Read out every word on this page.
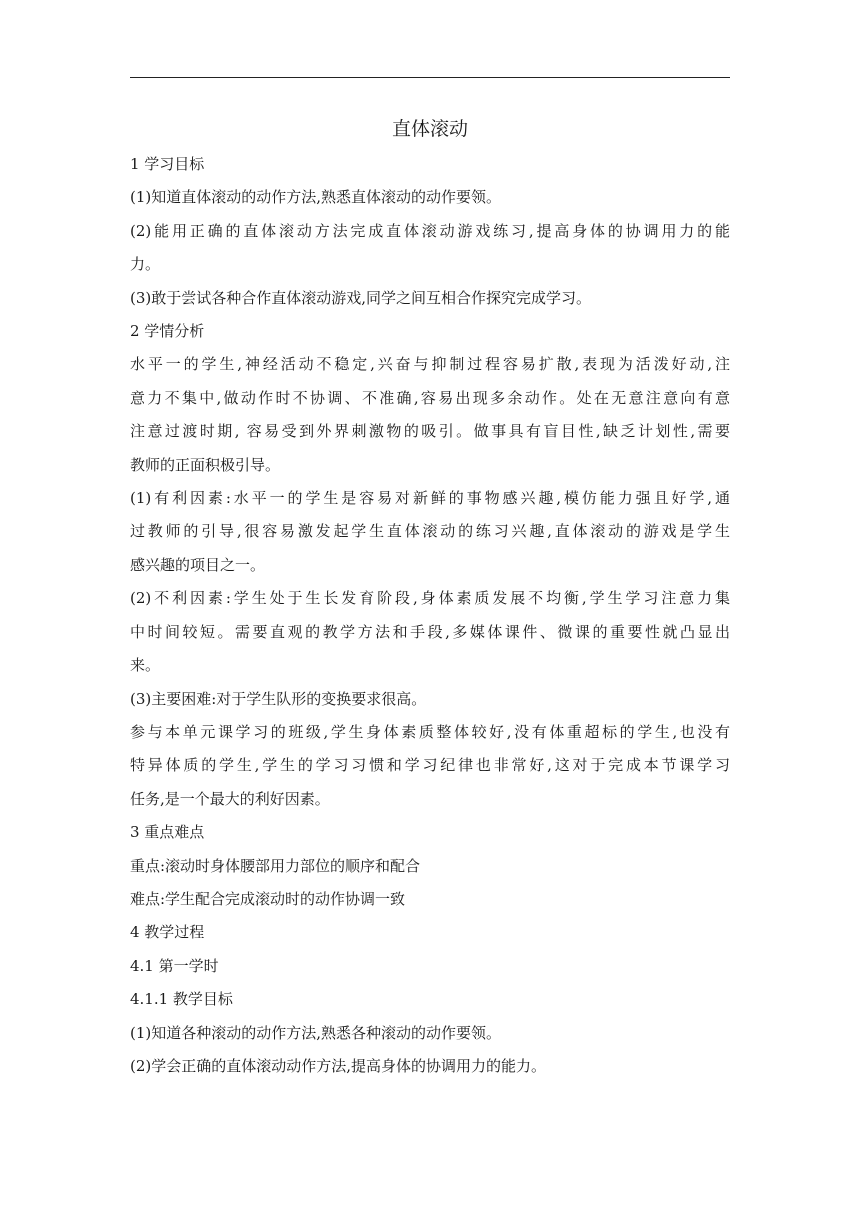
直体滚动

1 学习目标

(1)知道直体滚动的动作方法,熟悉直体滚动的动作要领。

(2)能用正确的直体滚动方法完成直体滚动游戏练习,提高身体的协调用力的能

力。

(3)敢于尝试各种合作直体滚动游戏,同学之间互相合作探究完成学习。

2 学情分析

水平一的学生,神经活动不稳定,兴奋与抑制过程容易扩散,表现为活泼好动,注

意力不集中,做动作时不协调、不准确,容易出现多余动作。处在无意注意向有意

注意过渡时期, 容易受到外界刺激物的吸引。做事具有盲目性,缺乏计划性,需要

教师的正面积极引导。

(1)有利因素:水平一的学生是容易对新鲜的事物感兴趣,模仿能力强且好学,通

过教师的引导,很容易激发起学生直体滚动的练习兴趣,直体滚动的游戏是学生

感兴趣的项目之一。

(2)不利因素:学生处于生长发育阶段,身体素质发展不均衡,学生学习注意力集

中时间较短。需要直观的教学方法和手段,多媒体课件、微课的重要性就凸显出

来。

(3)主要困难:对于学生队形的变换要求很高。

参与本单元课学习的班级,学生身体素质整体较好,没有体重超标的学生,也没有

特异体质的学生,学生的学习习惯和学习纪律也非常好,这对于完成本节课学习

任务,是一个最大的利好因素。

3 重点难点

重点:滚动时身体腰部用力部位的顺序和配合

难点:学生配合完成滚动时的动作协调一致

4 教学过程

4.1 第一学时

4.1.1 教学目标

(1)知道各种滚动的动作方法,熟悉各种滚动的动作要领。

(2)学会正确的直体滚动动作方法,提高身体的协调用力的能力。
